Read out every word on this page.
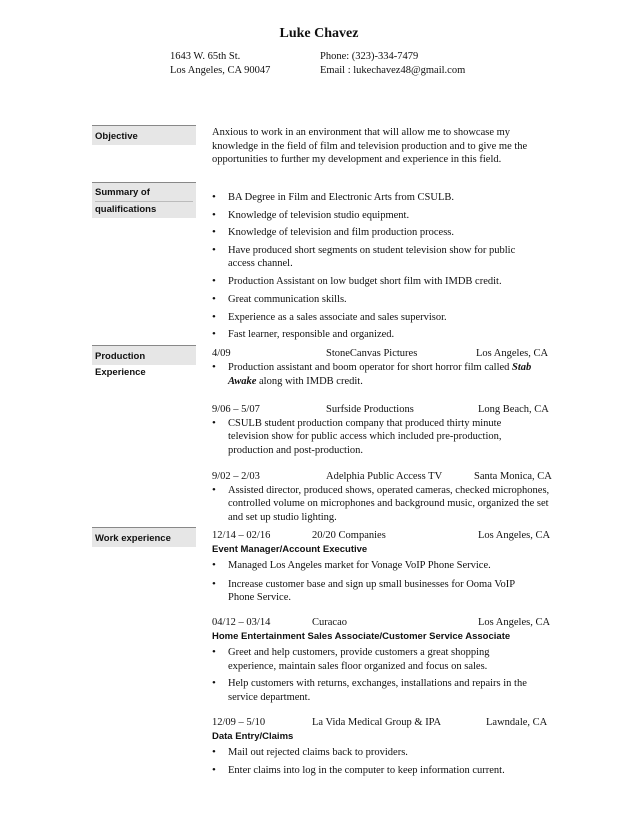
Luke Chavez
1643 W. 65th St.
Los Angeles, CA 90047
Phone: (323)-334-7479
Email : lukechavez48@gmail.com
Objective	Anxious to work in an environment that will allow me to showcase my
knowledge in the field of film and television production and to give me the
opportunities to further my development and experience in this field.
Summary of
qualifications
• BA Degree in Film and Electronic Arts from CSULB.
• Knowledge of television studio equipment.
• Knowledge of television and film production process.
• Have produced short segments on student television show for public access channel.
• Production Assistant on low budget short film with IMDB credit.
• Great communication skills.
• Experience as a sales associate and sales supervisor.
• Fast learner, responsible and organized.
Production Experience
4/09	StoneCanvas Pictures	Los Angeles, CA
• Production assistant and boom operator for short horror film called Stab Awake along with IMDB credit.
9/06 – 5/07	Surfside Productions	Long Beach, CA
• CSULB student production company that produced thirty minute television show for public access which included pre-production, production and post-production.
9/02 – 2/03	Adelphia Public Access TV	Santa Monica, CA
• Assisted director, produced shows, operated cameras, checked microphones, controlled volume on microphones and background music, organized the set and set up studio lighting.
Work experience	12/14 – 02/16	20/20 Companies	Los Angeles, CA
Event Manager/Account Executive
• Managed Los Angeles market for Vonage VoIP Phone Service.
• Increase customer base and sign up small businesses for Ooma VoIP Phone Service.
04/12 – 03/14	Curacao	Los Angeles, CA
Home Entertainment Sales Associate/Customer Service Associate
• Greet and help customers, provide customers a great shopping experience, maintain sales floor organized and focus on sales.
• Help customers with returns, exchanges, installations and repairs in the service department.
12/09 – 5/10	La Vida Medical Group & IPA	Lawndale, CA
Data Entry/Claims
• Mail out rejected claims back to providers.
• Enter claims into log in the computer to keep information current.
